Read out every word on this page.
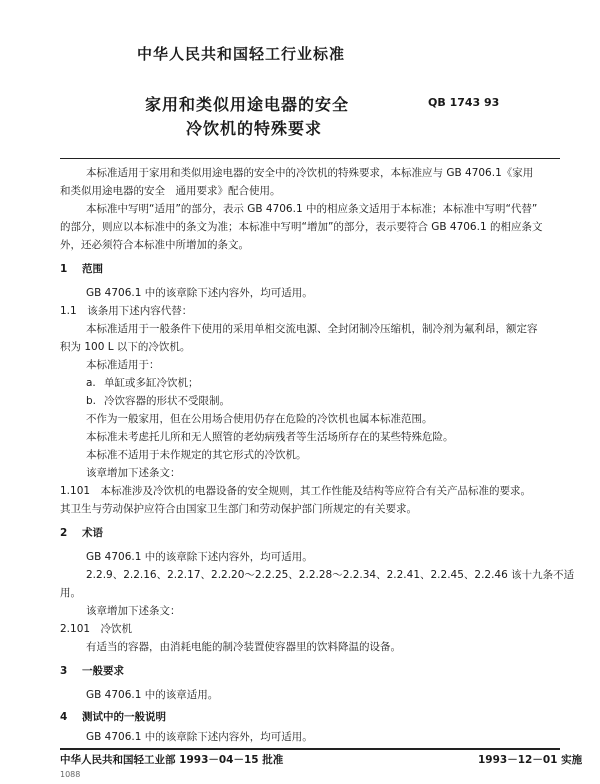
中华人民共和国轻工行业标准
家用和类似用途电器的安全
冷饮机的特殊要求
QB 1743 93
本标准适用于家用和类似用途电器的安全中的冷饮机的特殊要求，本标准应与 GB 4706.1《家用
和类似用途电器的安全　通用要求》配合使用。
本标准中写明“适用”的部分，表示 GB 4706.1 中的相应条文适用于本标准；本标准中写明“代替”
的部分，则应以本标准中的条文为准；本标准中写明“增加”的部分，表示要符合 GB 4706.1 的相应条文
外，还必须符合本标准中所增加的条文。
1 范围
GB 4706.1 中的该章除下述内容外，均可适用。
1.1　该条用下述内容代替：
本标准适用于一般条件下使用的采用单相交流电源、全封闭制冷压缩机，制冷剂为氟利昂，额定容
积为 100 L 以下的冷饮机。
本标准适用于：
a. 单缸或多缸冷饮机；
b. 冷饮容器的形状不受限制。
不作为一般家用，但在公用场合使用仍存在危险的冷饮机也属本标准范围。
本标准未考虑托儿所和无人照管的老幼病残者等生活场所存在的某些特殊危险。
本标准不适用于未作规定的其它形式的冷饮机。
该章增加下述条文：
1.101　本标准涉及冷饮机的电器设备的安全规则，其工作性能及结构等应符合有关产品标准的要求。
其卫生与劳动保护应符合由国家卫生部门和劳动保护部门所规定的有关要求。
2 术语
GB 4706.1 中的该章除下述内容外，均可适用。
2.2.9、2.2.16、2.2.17、2.2.20～2.2.25、2.2.28～2.2.34、2.2.41、2.2.45、2.2.46 该十九条不适
用。
该章增加下述条文：
2.101　冷饮机
有适当的容器，由消耗电能的制冷装置使容器里的饮料降温的设备。
3 一般要求
GB 4706.1 中的该章适用。
4 测试中的一般说明
GB 4706.1 中的该章除下述内容外，均可适用。
中华人民共和国轻工业部 1993－04－15 批准	1993－12－01 实施
1088
